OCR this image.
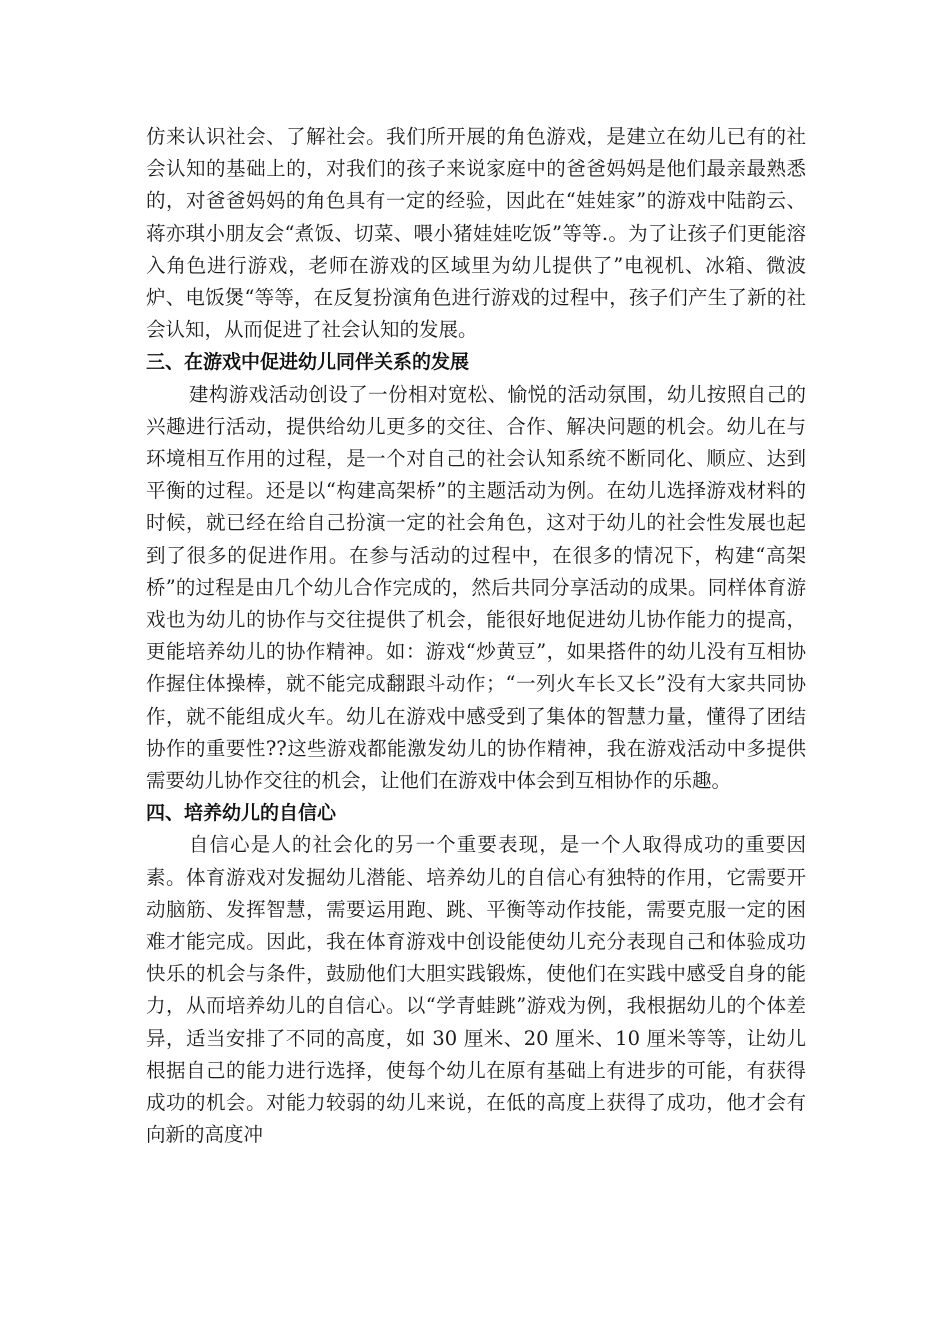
仿来认识社会、了解社会。我们所开展的角色游戏，是建立在幼儿已有的社会认知的基础上的，对我们的孩子来说家庭中的爸爸妈妈是他们最亲最熟悉的，对爸爸妈妈的角色具有一定的经验，因此在“娃娃家”的游戏中陆韵云、蒋亦琪小朋友会“煮饭、切菜、喂小猪娃娃吃饭”等等.。为了让孩子们更能溶入角色进行游戏，老师在游戏的区域里为幼儿提供了”电视机、冰箱、微波炉、电饭煲“等等，在反复扮演角色进行游戏的过程中，孩子们产生了新的社会认知，从而促进了社会认知的发展。

三、在游戏中促进幼儿同伴关系的发展

建构游戏活动创设了一份相对宽松、愉悦的活动氛围，幼儿按照自己的兴趣进行活动，提供给幼儿更多的交往、合作、解决问题的机会。幼儿在与环境相互作用的过程，是一个对自己的社会认知系统不断同化、顺应、达到平衡的过程。还是以“构建高架桥”的主题活动为例。在幼儿选择游戏材料的时候，就已经在给自己扮演一定的社会角色，这对于幼儿的社会性发展也起到了很多的促进作用。在参与活动的过程中，在很多的情况下，构建“高架桥”的过程是由几个幼儿合作完成的，然后共同分享活动的成果。同样体育游戏也为幼儿的协作与交往提供了机会，能很好地促进幼儿协作能力的提高，更能培养幼儿的协作精神。如：游戏“炒黄豆”，如果搭件的幼儿没有互相协作握住体操棒，就不能完成翻跟斗动作；“一列火车长又长”没有大家共同协作，就不能组成火车。幼儿在游戏中感受到了集体的智慧力量，懂得了团结协作的重要性??这些游戏都能激发幼儿的协作精神，我在游戏活动中多提供需要幼儿协作交往的机会，让他们在游戏中体会到互相协作的乐趣。

四、培养幼儿的自信心

自信心是人的社会化的另一个重要表现，是一个人取得成功的重要因素。体育游戏对发掘幼儿潜能、培养幼儿的自信心有独特的作用，它需要开动脑筋、发挥智慧，需要运用跑、跳、平衡等动作技能，需要克服一定的困难才能完成。因此，我在体育游戏中创设能使幼儿充分表现自己和体验成功快乐的机会与条件，鼓励他们大胆实践锻炼，使他们在实践中感受自身的能力，从而培养幼儿的自信心。以“学青蛙跳”游戏为例，我根据幼儿的个体差异，适当安排了不同的高度，如 30 厘米、20 厘米、10 厘米等等，让幼儿根据自己的能力进行选择，使每个幼儿在原有基础上有进步的可能，有获得成功的机会。对能力较弱的幼儿来说，在低的高度上获得了成功，他才会有向新的高度冲
